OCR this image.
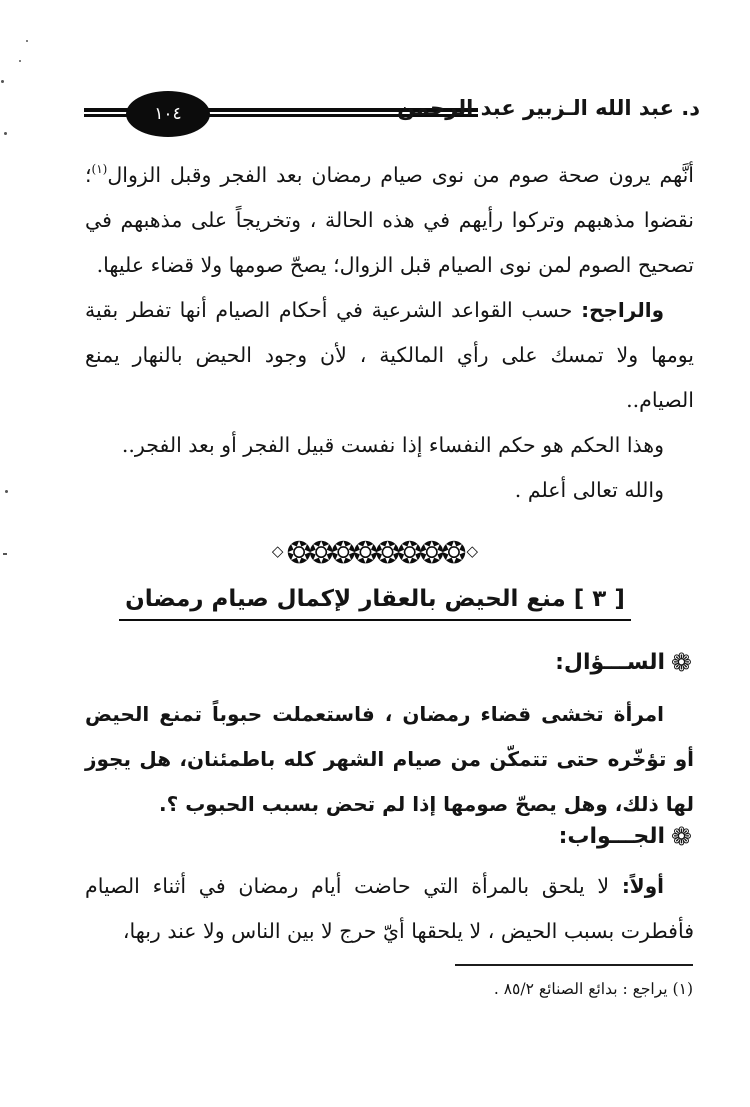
١٠٤	د. عبد الله الـزبير عبد الرحمن

أنَّهم يرون صحة صوم من نوى صيام رمضان بعد الفجر وقبل الزوال$^{(١)}$؛ نقضوا مذهبهم وتركوا رأيهم في هذه الحالة ، وتخريجاً على مذهبهم في تصحيح الصوم لمن نوى الصيام قبل الزوال؛ يصحّ صومها ولا قضاء عليها.

والراجح: حسب القواعد الشرعية في أحكام الصيام أنها تفطر بقية يومها ولا تمسك على رأي المالكية ، لأن وجود الحيض بالنهار يمنع الصيام..

وهذا الحكم هو حكم النفساء إذا نفست قبيل الفجر أو بعد الفجر..

والله تعالى أعلم .

◇❂❂❂❂❂❂❂❂◇
[ ٣ ] منع الحيض بالعقار لإكمال صيام رمضان
❁الســـؤال:

امرأة تخشى قضاء رمضان ، فاستعملت حبوباً تمنع الحيض أو تؤخّره حتى تتمكّن من صيام الشهر كله باطمئنان، هل يجوز لها ذلك، وهل يصحّ صومها إذا لم تحض بسبب الحبوب ؟.

❁الجـــواب:

أولاً: لا يلحق بالمرأة التي حاضت أيام رمضان في أثناء الصيام فأفطرت بسبب الحيض ، لا يلحقها أيّ حرج لا بين الناس ولا عند ربها،

(١) يراجع : بدائع الصنائع ٨٥/٢ .
